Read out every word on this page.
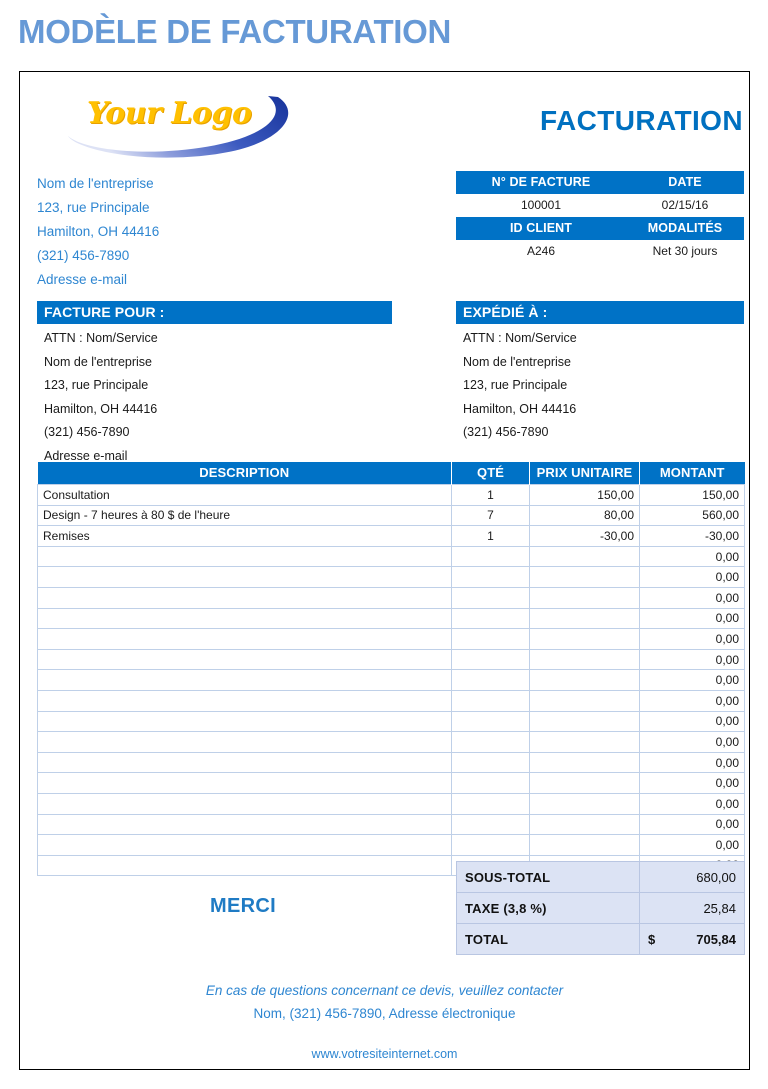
MODÈLE DE FACTURATION
Your Logo	FACTURATION
Nom de l'entreprise
123, rue Principale
Hamilton, OH 44416
(321) 456-7890
Adresse e-mail
N° DE FACTURE	DATE
100001	02/15/16
ID CLIENT	MODALITÉS
A246	Net 30 jours
FACTURE POUR :
ATTN : Nom/Service
Nom de l'entreprise
123, rue Principale
Hamilton, OH 44416
(321) 456-7890
Adresse e-mail
EXPÉDIÉ À :
ATTN : Nom/Service
Nom de l'entreprise
123, rue Principale
Hamilton, OH 44416
(321) 456-7890
DESCRIPTION	QTÉ	PRIX UNITAIRE	MONTANT
Consultation	1	150,00	150,00
Design - 7 heures à 80 $ de l'heure	7	80,00	560,00
Remises	1	-30,00	-30,00
			0,00
			0,00
			0,00
			0,00
			0,00
			0,00
			0,00
			0,00
			0,00
			0,00
			0,00
			0,00
			0,00
			0,00
			0,00

MERCI
SOUS-TOTAL		680,00
TAXE (3,8 %)		25,84
TOTAL	$	705,84
En cas de questions concernant ce devis, veuillez contacter
Nom, (321) 456-7890, Adresse électronique
www.votresiteinternet.com
